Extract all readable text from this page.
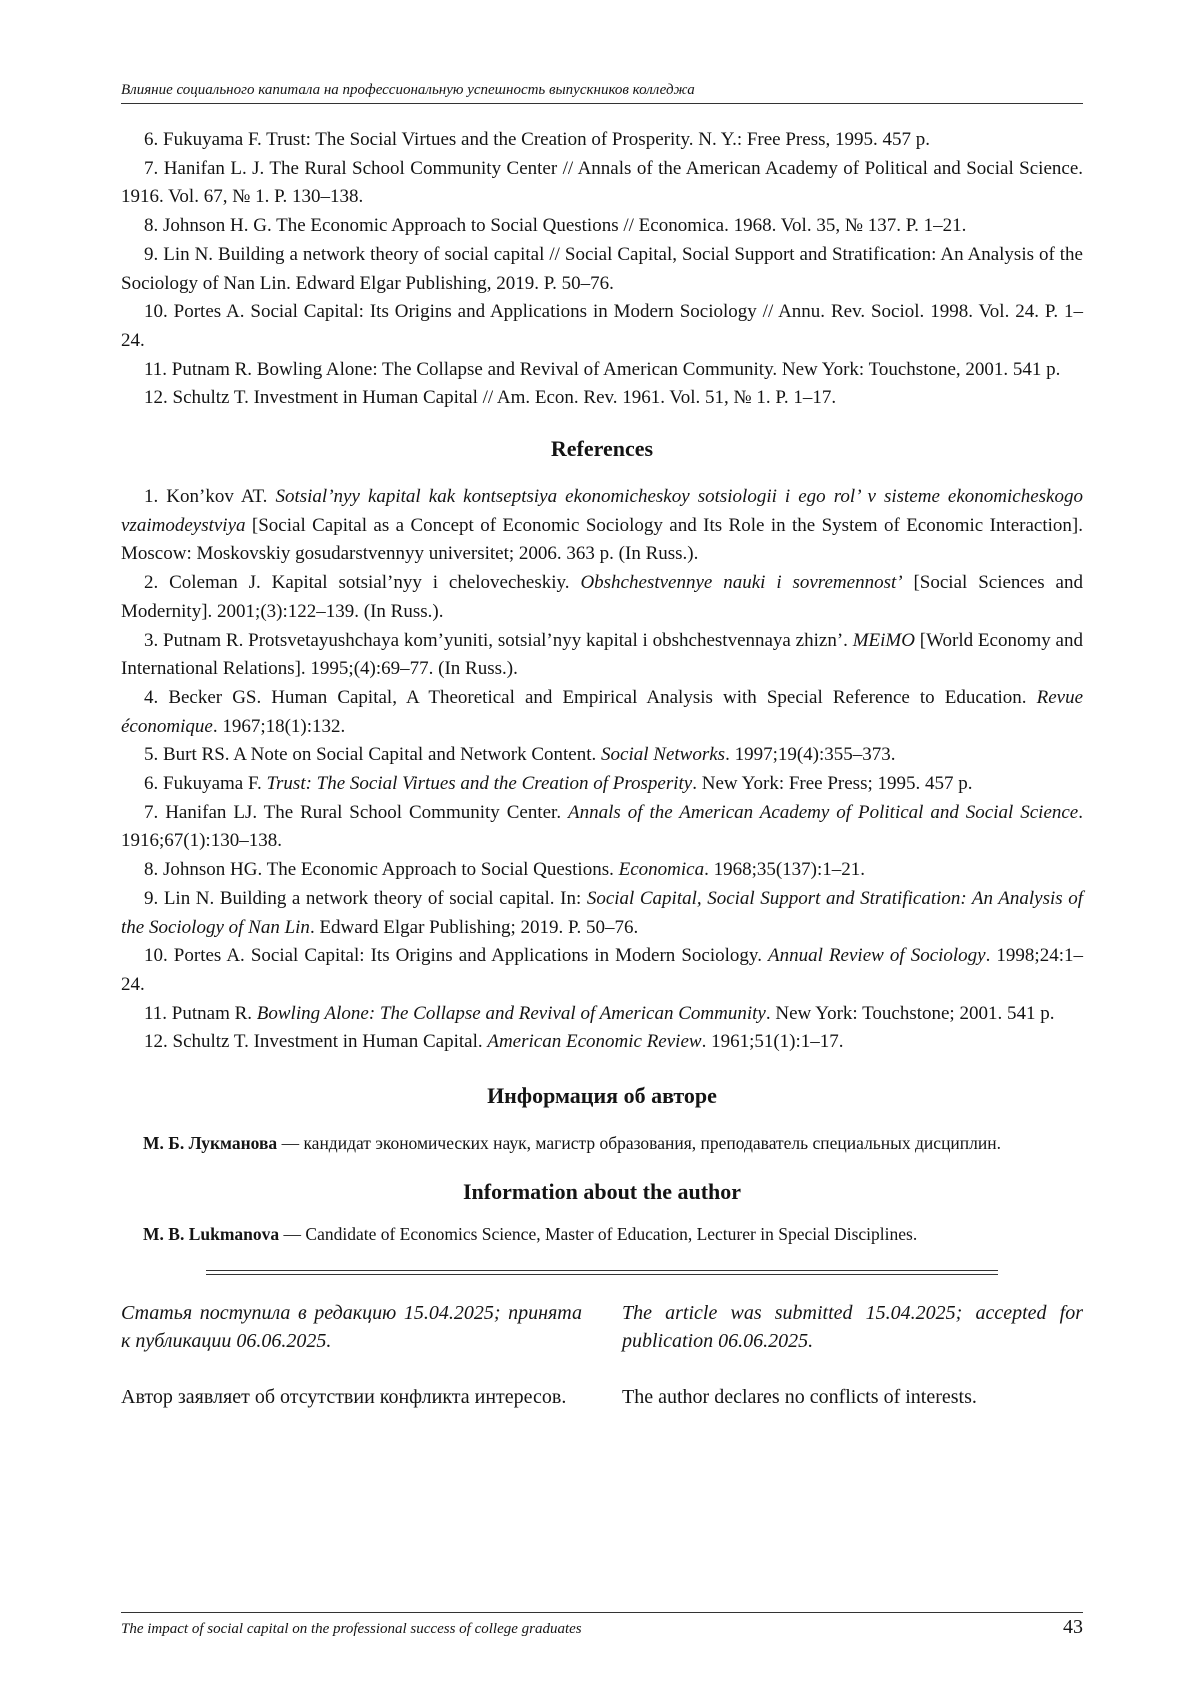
Влияние социального капитала на профессиональную успешность выпускников колледжа

6. Fukuyama F. Trust: The Social Virtues and the Creation of Prosperity. N. Y.: Free Press, 1995. 457 p.

7. Hanifan L. J. The Rural School Community Center // Annals of the American Academy of Political and Social Science. 1916. Vol. 67, № 1. P. 130–138.

8. Johnson H. G. The Economic Approach to Social Questions // Economica. 1968. Vol. 35, № 137. P. 1–21.

9. Lin N. Building a network theory of social capital // Social Capital, Social Support and Stratification: An Analysis of the Sociology of Nan Lin. Edward Elgar Publishing, 2019. P. 50–76.

10. Portes A. Social Capital: Its Origins and Applications in Modern Sociology // Annu. Rev. Sociol. 1998. Vol. 24. P. 1–24.

11. Putnam R. Bowling Alone: The Collapse and Revival of American Community. New York: Touchstone, 2001. 541 p.

12. Schultz T. Investment in Human Capital // Am. Econ. Rev. 1961. Vol. 51, № 1. P. 1–17.

References

1. Kon’kov AT. Sotsial’nyy kapital kak kontseptsiya ekonomicheskoy sotsiologii i ego rol’ v sisteme ekonomicheskogo vzaimodeystviya [Social Capital as a Concept of Economic Sociology and Its Role in the System of Economic Interaction]. Moscow: Moskovskiy gosudarstvennyy universitet; 2006. 363 p. (In Russ.).

2. Coleman J. Kapital sotsial’nyy i chelovecheskiy. Obshchestvennye nauki i sovremennost’ [Social Sciences and Modernity]. 2001;(3):122–139. (In Russ.).

3. Putnam R. Protsvetayushchaya kom’yuniti, sotsial’nyy kapital i obshchestvennaya zhizn’. MEiMO [World Economy and International Relations]. 1995;(4):69–77. (In Russ.).

4. Becker GS. Human Capital, A Theoretical and Empirical Analysis with Special Reference to Education. Revue économique. 1967;18(1):132.

5. Burt RS. A Note on Social Capital and Network Content. Social Networks. 1997;19(4):355–373.

6. Fukuyama F. Trust: The Social Virtues and the Creation of Prosperity. New York: Free Press; 1995. 457 p.

7. Hanifan LJ. The Rural School Community Center. Annals of the American Academy of Political and Social Science. 1916;67(1):130–138.

8. Johnson HG. The Economic Approach to Social Questions. Economica. 1968;35(137):1–21.

9. Lin N. Building a network theory of social capital. In: Social Capital, Social Support and Stratification: An Analysis of the Sociology of Nan Lin. Edward Elgar Publishing; 2019. P. 50–76.

10. Portes A. Social Capital: Its Origins and Applications in Modern Sociology. Annual Review of Sociology. 1998;24:1–24.

11. Putnam R. Bowling Alone: The Collapse and Revival of American Community. New York: Touchstone; 2001. 541 p.

12. Schultz T. Investment in Human Capital. American Economic Review. 1961;51(1):1–17.

Информация об авторе

М. Б. Лукманова — кандидат экономических наук, магистр образования, преподаватель специальных дисциплин.

Information about the author

M. B. Lukmanova — Candidate of Economics Science, Master of Education, Lecturer in Special Disciplines.

Статья поступила в редакцию 15.04.2025; принята к публикации 06.06.2025.

Автор заявляет об отсутствии конфликта интересов.

The article was submitted 15.04.2025; accepted for publication 06.06.2025.

The author declares no conflicts of interests.

The impact of social capital on the professional success of college graduates	43
